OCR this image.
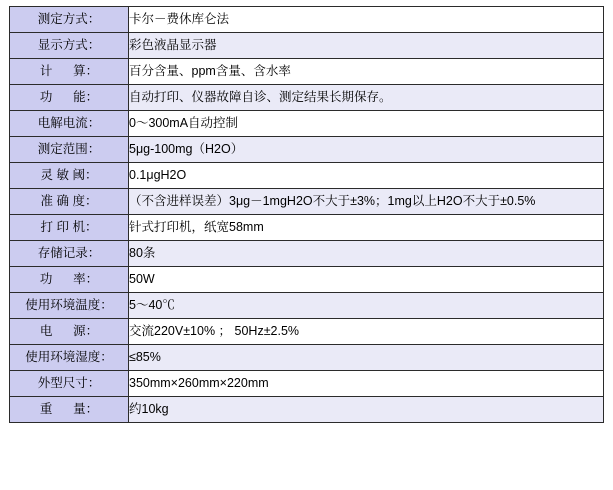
测定方式：	卡尔－费休库仑法
显示方式：	彩色液晶显示器
计      算：	百分含量、ppm含量、含水率
功      能：	自动打印、仪器故障自诊、测定结果长期保存。
电解电流：	0～300mA自动控制
测定范围：	5μg-100mg（H2O）
灵 敏 阈：	0.1μgH2O
准 确 度：	（不含进样误差）3μg－1mgH2O不大于±3%；1mg以上H2O不大于±0.5%
打 印 机：	针式打印机，纸宽58mm
存储记录：	80条
功      率：	50W
使用环境温度：	5～40℃
电      源：	交流220V±10% ； 50Hz±2.5%
使用环境湿度：	≤85%
外型尺寸：	350mm×260mm×220mm
重      量：	约10kg
